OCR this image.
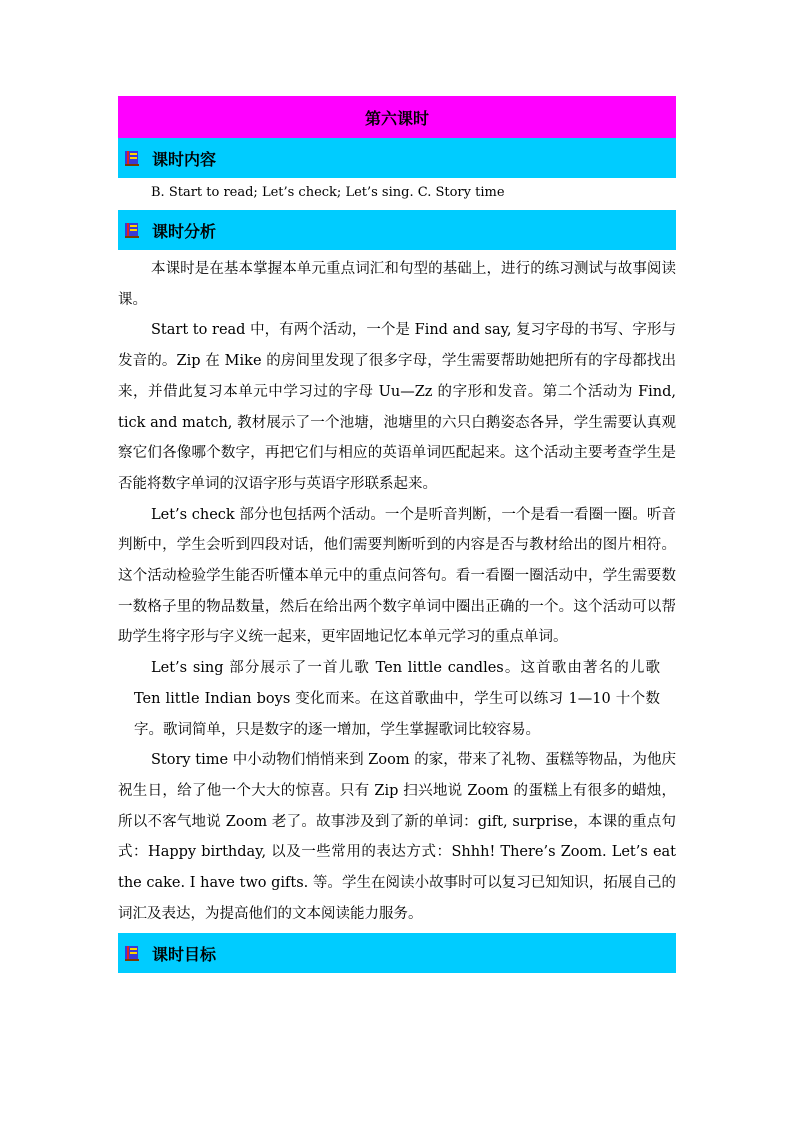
第六课时
课时内容
B. Start to read; Let’s check; Let’s sing. C. Story time
课时分析

本课时是在基本掌握本单元重点词汇和句型的基础上，进行的练习测试与故事阅读课。

Start to read 中，有两个活动，一个是 Find and say, 复习字母的书写、字形与发音的。Zip 在 Mike 的房间里发现了很多字母，学生需要帮助她把所有的字母都找出来，并借此复习本单元中学习过的字母 Uu—Zz 的字形和发音。第二个活动为 Find, tick and match, 教材展示了一个池塘，池塘里的六只白鹅姿态各异，学生需要认真观察它们各像哪个数字，再把它们与相应的英语单词匹配起来。这个活动主要考查学生是否能将数字单词的汉语字形与英语字形联系起来。

Let’s check 部分也包括两个活动。一个是听音判断，一个是看一看圈一圈。听音判断中，学生会听到四段对话，他们需要判断听到的内容是否与教材给出的图片相符。这个活动检验学生能否听懂本单元中的重点问答句。看一看圈一圈活动中，学生需要数一数格子里的物品数量，然后在给出两个数字单词中圈出正确的一个。这个活动可以帮助学生将字形与字义统一起来，更牢固地记忆本单元学习的重点单词。

Let’s sing 部分展示了一首儿歌 Ten little candles。这首歌由著名的儿歌 Ten little Indian boys 变化而来。在这首歌曲中，学生可以练习 1—10 十个数字。歌词简单，只是数字的逐一增加，学生掌握歌词比较容易。

Story time 中小动物们悄悄来到 Zoom 的家，带来了礼物、蛋糕等物品，为他庆祝生日，给了他一个大大的惊喜。只有 Zip 扫兴地说 Zoom 的蛋糕上有很多的蜡烛，所以不客气地说 Zoom 老了。故事涉及到了新的单词：gift, surprise，本课的重点句式：Happy birthday, 以及一些常用的表达方式：Shhh! There’s Zoom. Let’s eat the cake. I have two gifts. 等。学生在阅读小故事时可以复习已知知识，拓展自己的词汇及表达，为提高他们的文本阅读能力服务。

课时目标
